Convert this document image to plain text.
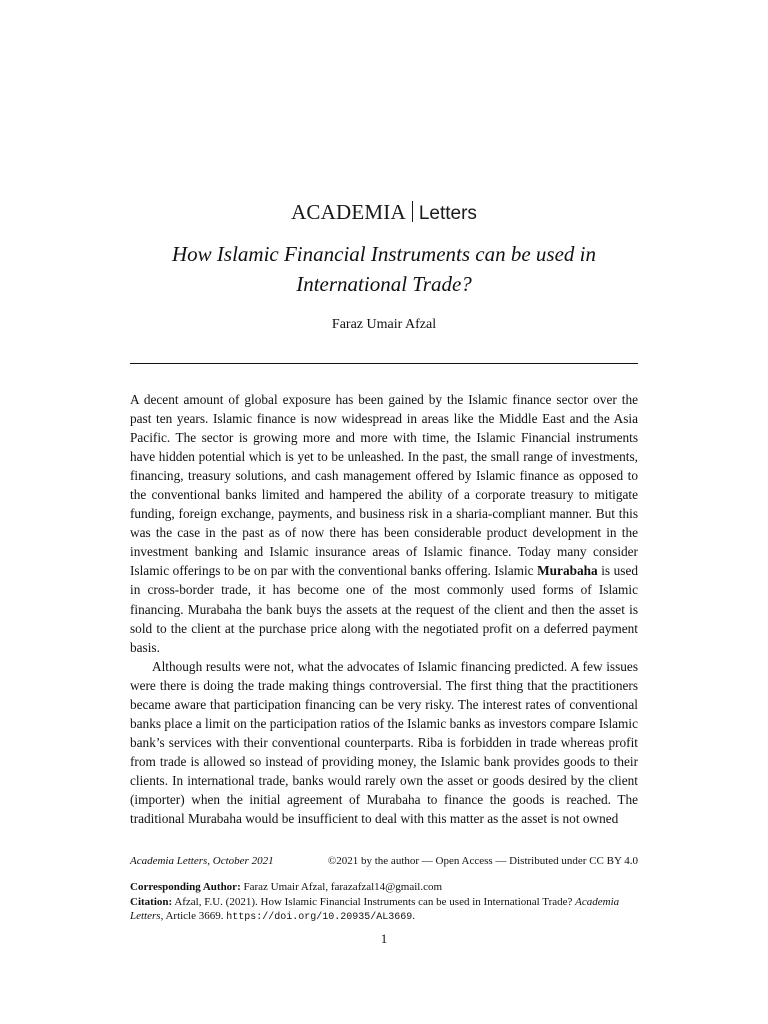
ACADEMIA Letters
How Islamic Financial Instruments can be used in International Trade?
Faraz Umair Afzal

A decent amount of global exposure has been gained by the Islamic finance sector over the past ten years. Islamic finance is now widespread in areas like the Middle East and the Asia Pacific. The sector is growing more and more with time, the Islamic Financial instruments have hidden potential which is yet to be unleashed. In the past, the small range of investments, financing, treasury solutions, and cash management offered by Islamic finance as opposed to the conventional banks limited and hampered the ability of a corporate treasury to mitigate funding, foreign exchange, payments, and business risk in a sharia-compliant manner. But this was the case in the past as of now there has been considerable product development in the investment banking and Islamic insurance areas of Islamic finance. Today many consider Islamic offerings to be on par with the conventional banks offering. Islamic Murabaha is used in cross-border trade, it has become one of the most commonly used forms of Islamic financing. Murabaha the bank buys the assets at the request of the client and then the asset is sold to the client at the purchase price along with the negotiated profit on a deferred payment basis.

Although results were not, what the advocates of Islamic financing predicted. A few issues were there is doing the trade making things controversial. The first thing that the practitioners became aware that participation financing can be very risky. The interest rates of conventional banks place a limit on the participation ratios of the Islamic banks as investors compare Islamic bank’s services with their conventional counterparts. Riba is forbidden in trade whereas profit from trade is allowed so instead of providing money, the Islamic bank provides goods to their clients. In international trade, banks would rarely own the asset or goods desired by the client (importer) when the initial agreement of Murabaha to finance the goods is reached. The traditional Murabaha would be insufficient to deal with this matter as the asset is not owned

Academia Letters, October 2021	©2021 by the author — Open Access — Distributed under CC BY 4.0
Corresponding Author: Faraz Umair Afzal, farazafzal14@gmail.com
Citation: Afzal, F.U. (2021). How Islamic Financial Instruments can be used in International Trade? Academia Letters, Article 3669. https://doi.org/10.20935/AL3669.
1
